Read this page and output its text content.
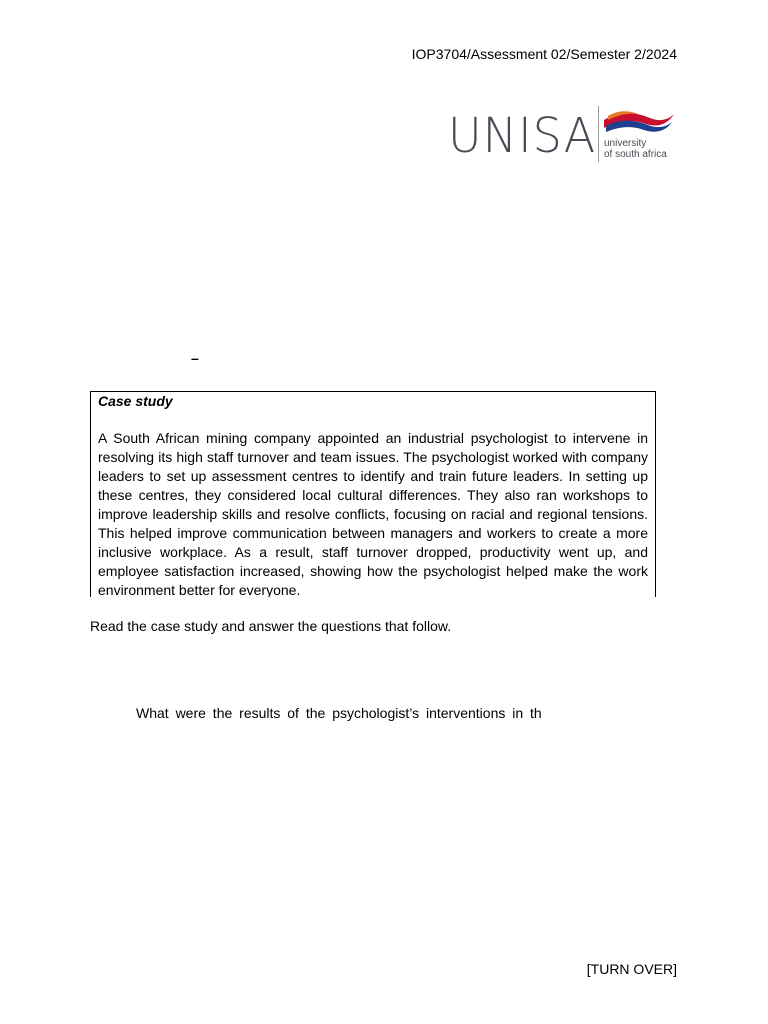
IOP3704/Assessment 02/Semester 2/2024
UNISA university
of south africa
–
Case study
A South African mining company appointed an industrial psychologist to intervene in resolving its high staff turnover and team issues. The psychologist worked with company leaders to set up assessment centres to identify and train future leaders. In setting up these centres, they considered local cultural differences. They also ran workshops to improve leadership skills and resolve conflicts, focusing on racial and regional tensions. This helped improve communication between managers and workers to create a more inclusive workplace. As a result, staff turnover dropped, productivity went up, and employee satisfaction increased, showing how the psychologist helped make the work environment better for everyone.
Read the case study and answer the questions that follow.
What were the results of the psychologist’s interventions in th
[TURN OVER]
